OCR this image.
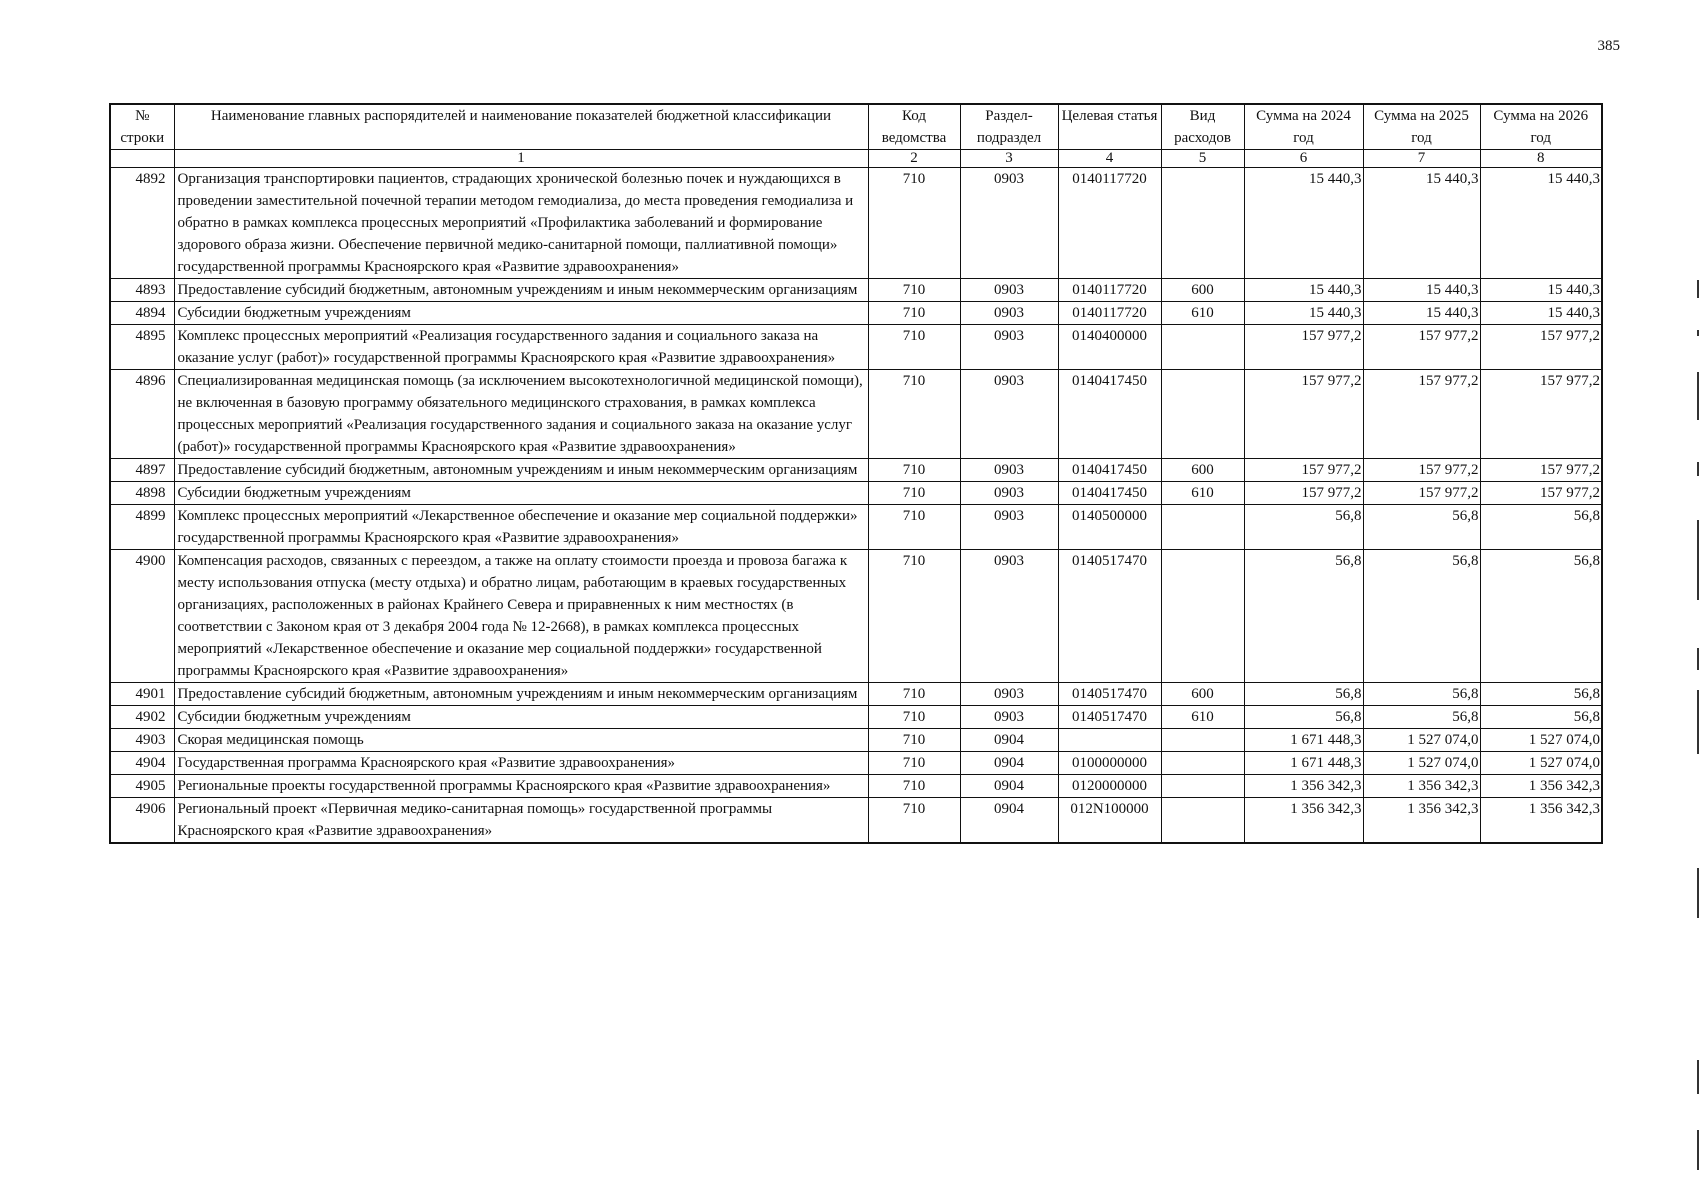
385
№ строки	Наименование главных распорядителей и наименование показателей бюджетной классификации	Код ведомства	Раздел-подраздел	Целевая статья	Вид расходов	Сумма на 2024 год	Сумма на 2025 год	Сумма на 2026 год
	1	2	3	4	5	6	7	8
4892	Организация транспортировки пациентов, страдающих хронической болезнью почек и нуждающихся в проведении заместительной почечной терапии методом гемодиализа, до места проведения гемодиализа и обратно в рамках комплекса процессных мероприятий «Профилактика заболеваний и формирование здорового образа жизни. Обеспечение первичной медико-санитарной помощи, паллиативной помощи» государственной программы Красноярского края «Развитие здравоохранения»	710	0903	0140117720		15 440,3	15 440,3	15 440,3
4893	Предоставление субсидий бюджетным, автономным учреждениям и иным некоммерческим организациям	710	0903	0140117720	600	15 440,3	15 440,3	15 440,3
4894	Субсидии бюджетным учреждениям	710	0903	0140117720	610	15 440,3	15 440,3	15 440,3
4895	Комплекс процессных мероприятий «Реализация государственного задания и социального заказа на оказание услуг (работ)» государственной программы Красноярского края «Развитие здравоохранения»	710	0903	0140400000		157 977,2	157 977,2	157 977,2
4896	Специализированная медицинская помощь (за исключением высокотехнологичной медицинской помощи), не включенная в базовую программу обязательного медицинского страхования, в рамках комплекса процессных мероприятий «Реализация государственного задания и социального заказа на оказание услуг (работ)» государственной программы Красноярского края «Развитие здравоохранения»	710	0903	0140417450		157 977,2	157 977,2	157 977,2
4897	Предоставление субсидий бюджетным, автономным учреждениям и иным некоммерческим организациям	710	0903	0140417450	600	157 977,2	157 977,2	157 977,2
4898	Субсидии бюджетным учреждениям	710	0903	0140417450	610	157 977,2	157 977,2	157 977,2
4899	Комплекс процессных мероприятий «Лекарственное обеспечение и оказание мер социальной поддержки» государственной программы Красноярского края «Развитие здравоохранения»	710	0903	0140500000		56,8	56,8	56,8
4900	Компенсация расходов, связанных с переездом, а также на оплату стоимости проезда и провоза багажа к месту использования отпуска (месту отдыха) и обратно лицам, работающим в краевых государственных организациях, расположенных в районах Крайнего Севера и приравненных к ним местностях (в соответствии с Законом края от 3 декабря 2004 года № 12-2668), в рамках комплекса процессных мероприятий «Лекарственное обеспечение и оказание мер социальной поддержки» государственной программы Красноярского края «Развитие здравоохранения»	710	0903	0140517470		56,8	56,8	56,8
4901	Предоставление субсидий бюджетным, автономным учреждениям и иным некоммерческим организациям	710	0903	0140517470	600	56,8	56,8	56,8
4902	Субсидии бюджетным учреждениям	710	0903	0140517470	610	56,8	56,8	56,8
4903	Скорая медицинская помощь	710	0904			1 671 448,3	1 527 074,0	1 527 074,0
4904	Государственная программа Красноярского края «Развитие здравоохранения»	710	0904	0100000000		1 671 448,3	1 527 074,0	1 527 074,0
4905	Региональные проекты государственной программы Красноярского края «Развитие здравоохранения»	710	0904	0120000000		1 356 342,3	1 356 342,3	1 356 342,3
4906	Региональный проект «Первичная медико-санитарная помощь» государственной программы Красноярского края «Развитие здравоохранения»	710	0904	012N100000		1 356 342,3	1 356 342,3	1 356 342,3
